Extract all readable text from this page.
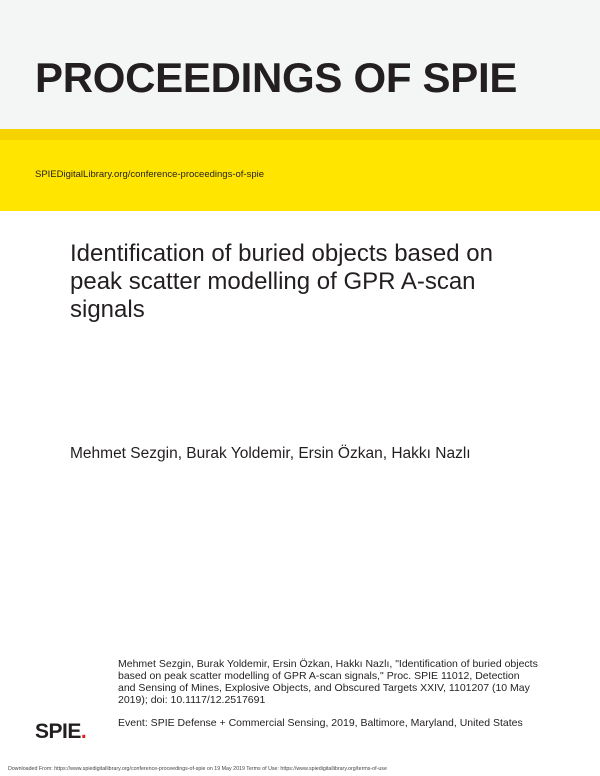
PROCEEDINGS OF SPIE
SPIEDigitalLibrary.org/conference-proceedings-of-spie
Identification of buried objects based on peak scatter modelling of GPR A-scan signals
Mehmet Sezgin, Burak Yoldemir, Ersin Özkan, Hakkı Nazlı
Mehmet Sezgin, Burak Yoldemir, Ersin Özkan, Hakkı Nazlı, "Identification of buried objects based on peak scatter modelling of GPR A-scan signals," Proc. SPIE 11012, Detection and Sensing of Mines, Explosive Objects, and Obscured Targets XXIV, 1101207 (10 May 2019); doi: 10.1117/12.2517691
SPIE.	Event: SPIE Defense + Commercial Sensing, 2019, Baltimore, Maryland, United States
Downloaded From: https://www.spiedigitallibrary.org/conference-proceedings-of-spie on 19 May 2019 Terms of Use: https://www.spiedigitallibrary.org/terms-of-use
